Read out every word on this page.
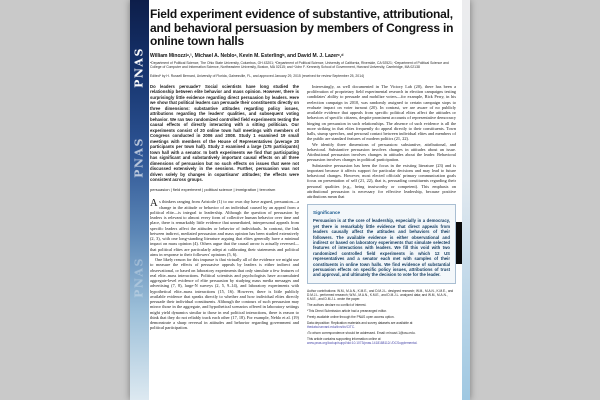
PNAS
PNAS
PNAS
Field experiment evidence of substantive, attributional, and behavioral persuasion by members of Congress in online town halls
William Minozziᵃ,¹, Michael A. Nebloᵃ, Kevin M. Esterlingᵇ, and David M. J. Lazerᶜ,ᵈ
ᵃDepartment of Political Science, The Ohio State University, Columbus, OH 43201; ᵇDepartment of Political Science, University of California, Riverside, CA 92521; ᶜDepartment of Political Science and College of Computer and Information Science, Northeastern University, Boston, MA 02115; and ᵈJohn F. Kennedy School of Government, Harvard University, Cambridge, MA 02138
Edited* by H. Russell Bernard, University of Florida, Gainesville, FL, and approved January 29, 2015 (received for review September 25, 2014)

Do leaders persuade? Social scientists have long studied the relationship between elite behavior and mass opinion. However, there is surprisingly little evidence regarding direct persuasion by leaders. Here we show that political leaders can persuade their constituents directly on three dimensions: substantive attitudes regarding policy issues, attributions regarding the leaders' qualities, and subsequent voting behavior. We ran two randomized controlled field experiments testing the causal effects of directly interacting with a sitting politician. Our experiments consist of 20 online town hall meetings with members of Congress conducted in 2006 and 2008. Study 1 examined 19 small meetings with members of the House of Representatives (average 20 participants per town hall). Study 2 examined a large (175 participants) town hall with a senator. In both experiments we find that participating has significant and substantively important causal effects on all three dimensions of persuasion but no such effects on issues that were not discussed extensively in the sessions. Further, persuasion was not driven solely by changes in copartisans' attitudes; the effects were consistent across groups.

persuasion | field experiment | political science | immigration | terrorism

As thinkers ranging from Aristotle (1) to our own day have argued, persuasion—a change in the attitude or behavior of an individual caused by an appeal from a political elite—is integral to leadership. Although the question of persuasion by leaders is relevant to almost every form of collective human behavior over time and place, there is remarkably little evidence that unmediated, interpersonal appeals from specific leaders affect the attitudes or behavior of individuals. In contrast, the link between indirect, mediated persuasion and mass opinion has been studied extensively (2, 3), with one long-standing literature arguing that elites generally have a minimal impact on mass opinion (4). Others argue that the causal arrow is actually reversed—that political elites are particularly adept at calibrating their statements and political aims in response to their followers' opinions (5, 6).

One likely reason for this impasse is that virtually all of the evidence we might use to measure the effects of persuasive appeals by leaders is either indirect and observational, or based on laboratory experiments that only simulate a few features of real elite–mass interactions. Political scientists and psychologists have accumulated aggregate-level evidence of elite persuasion by studying mass media messages and advertising (7, 8), large-N surveys (2, 5, 9–14), and laboratory experiments with hypothetical elite–mass interactions (15, 16). However, there is little publicly available evidence that speaks directly to whether and how individual elites directly persuade their individual constituents. Although the contours of such persuasion may mirror those in the aggregate, and hypothetical scenarios offered in laboratory settings might yield dynamics similar to those in real political interactions, there is reason to think that they do not reliably track each other (17, 18). For example, Neblo et al. (19) demonstrate a sharp reversal in attitudes and behavior regarding government and political participation.

Interestingly, as well documented in The Victory Lab (20), there has been a proliferation of proprietary field experimental research in election campaigns testing candidates' ability to persuade and mobilize voters—for example, Rick Perry, in his reelection campaign in 2010, was randomly assigned to certain campaign stops to evaluate impact on voter turnout (20). In contrast, we are aware of no publicly available evidence that appeals from specific political elites affect the attitudes or behaviors of specific citizens, despite prominent accounts of representative democracy hinging on persuasion in such relationships. The absence of such evidence is all the more striking in that elites frequently do appeal directly to their constituents. Town halls, stump speeches, and personal contact between individual elites and members of the public are standard features of modern politics (21, 22).

We identify three dimensions of persuasion: substantive, attributional, and behavioral. Substantive persuasion involves changes in attitudes about an issue. Attributional persuasion involves changes in attitudes about the leader. Behavioral persuasion involves changes in political participation.

Substantive persuasion has been the focus in the existing literature (23) and is important because it affects support for particular decisions and may lead to future behavioral changes. However, most elected officials' primary communication goals focus on presentation of self (21, 22), that is, persuading constituents regarding their personal qualities (e.g., being trustworthy or competent). This emphasis on attributional persuasion is necessary for effective leadership, because positive attributions mean that

Significance
Persuasion is at the core of leadership, especially in a democracy, yet there is remarkably little evidence that direct appeals from leaders causally affect the attitudes and behaviors of their followers. The available evidence is either observational and indirect or based on laboratory experiments that simulate selected features of interactions with leaders. We fill this void with two randomized controlled field experiments in which 12 US representatives and a senator each met with samples of their constituents in online town halls. We find evidence of substantial persuasion effects on specific policy issues, attributions of trust and approval, and ultimately the decision to vote for the leader.
Author contributions: W.M., M.A.N., K.M.E., and D.M.J.L. designed research; W.M., M.A.N., K.M.E., and D.M.J.L. performed research; W.M., M.A.N., K.M.E., and D.M.J.L. analyzed data; and W.M., M.A.N., K.M.E., and D.M.J.L. wrote the paper.
The authors declare no conflict of interest.
*This Direct Submission article had a prearranged editor.
Freely available online through the PNAS open access option.
Data deposition: Replication materials and survey datasets are available at thedata.harvard.edu/dvn/dv/CITC.
¹To whom correspondence should be addressed. Email: minozzi.1@osu.edu.
This article contains supporting information online at www.pnas.org/lookup/suppl/doi:10.1073/pnas.1418188112/-/DCSupplemental.
